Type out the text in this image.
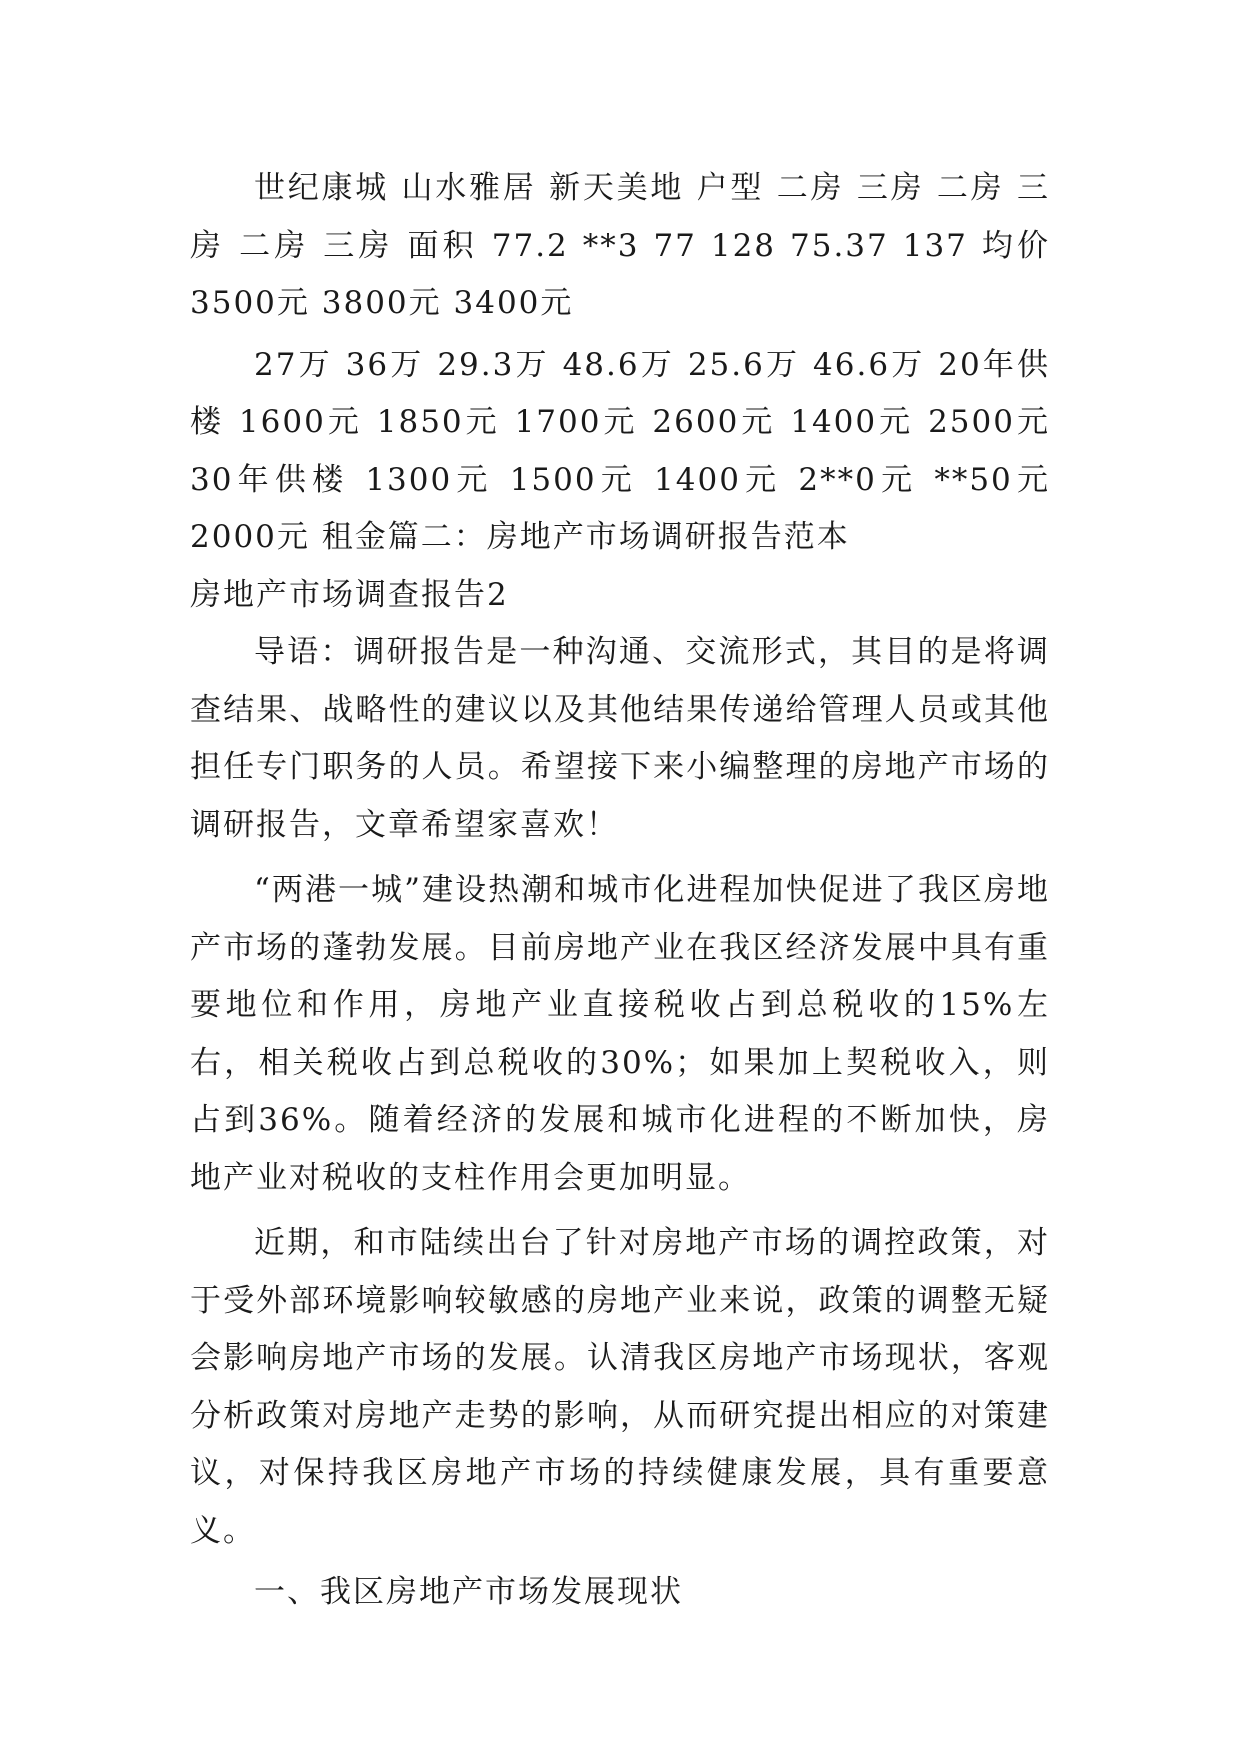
世纪康城 山水雅居 新天美地 户型 二房 三房 二房 三房 二房 三房 面积 77.2 **3 77 128 75.37 137 均价 3500元 3800元 3400元

27万 36万 29.3万 48.6万 25.6万 46.6万 20年供楼 1600元 1850元 1700元 2600元 1400元 2500元 30年供楼 1300元 1500元 1400元 2**0元 **50元 2000元 租金篇二：房地产市场调研报告范本

房地产市场调查报告2

导语：调研报告是一种沟通、交流形式，其目的是将调查结果、战略性的建议以及其他结果传递给管理人员或其他担任专门职务的人员。希望接下来小编整理的房地产市场的调研报告，文章希望家喜欢！

“两港一城”建设热潮和城市化进程加快促进了我区房地产市场的蓬勃发展。目前房地产业在我区经济发展中具有重要地位和作用，房地产业直接税收占到总税收的15%左右，相关税收占到总税收的30%；如果加上契税收入，则占到36%。随着经济的发展和城市化进程的不断加快，房地产业对税收的支柱作用会更加明显。

近期，和市陆续出台了针对房地产市场的调控政策，对于受外部环境影响较敏感的房地产业来说，政策的调整无疑会影响房地产市场的发展。认清我区房地产市场现状，客观分析政策对房地产走势的影响，从而研究提出相应的对策建议，对保持我区房地产市场的持续健康发展，具有重要意义。

一、我区房地产市场发展现状
